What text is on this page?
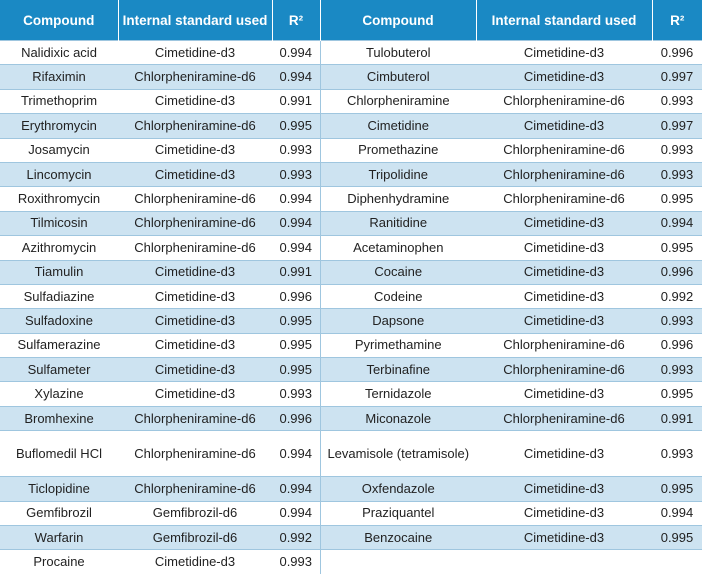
Compound	Internal standard used	R²	Compound	Internal standard used	R²
Nalidixic acid	Cimetidine-d3	0.994	Tulobuterol	Cimetidine-d3	0.996
Rifaximin	Chlorpheniramine-d6	0.994	Cimbuterol	Cimetidine-d3	0.997
Trimethoprim	Cimetidine-d3	0.991	Chlorpheniramine	Chlorpheniramine-d6	0.993
Erythromycin	Chlorpheniramine-d6	0.995	Cimetidine	Cimetidine-d3	0.997
Josamycin	Cimetidine-d3	0.993	Promethazine	Chlorpheniramine-d6	0.993
Lincomycin	Cimetidine-d3	0.993	Tripolidine	Chlorpheniramine-d6	0.993
Roxithromycin	Chlorpheniramine-d6	0.994	Diphenhydramine	Chlorpheniramine-d6	0.995
Tilmicosin	Chlorpheniramine-d6	0.994	Ranitidine	Cimetidine-d3	0.994
Azithromycin	Chlorpheniramine-d6	0.994	Acetaminophen	Cimetidine-d3	0.995
Tiamulin	Cimetidine-d3	0.991	Cocaine	Cimetidine-d3	0.996
Sulfadiazine	Cimetidine-d3	0.996	Codeine	Cimetidine-d3	0.992
Sulfadoxine	Cimetidine-d3	0.995	Dapsone	Cimetidine-d3	0.993
Sulfamerazine	Cimetidine-d3	0.995	Pyrimethamine	Chlorpheniramine-d6	0.996
Sulfameter	Cimetidine-d3	0.995	Terbinafine	Chlorpheniramine-d6	0.993
Xylazine	Cimetidine-d3	0.993	Ternidazole	Cimetidine-d3	0.995
Bromhexine	Chlorpheniramine-d6	0.996	Miconazole	Chlorpheniramine-d6	0.991
Buflomedil HCl	Chlorpheniramine-d6	0.994	Levamisole (tetramisole)	Cimetidine-d3	0.993
Ticlopidine	Chlorpheniramine-d6	0.994	Oxfendazole	Cimetidine-d3	0.995
Gemfibrozil	Gemfibrozil-d6	0.994	Praziquantel	Cimetidine-d3	0.994
Warfarin	Gemfibrozil-d6	0.992	Benzocaine	Cimetidine-d3	0.995
Procaine	Cimetidine-d3	0.993			
